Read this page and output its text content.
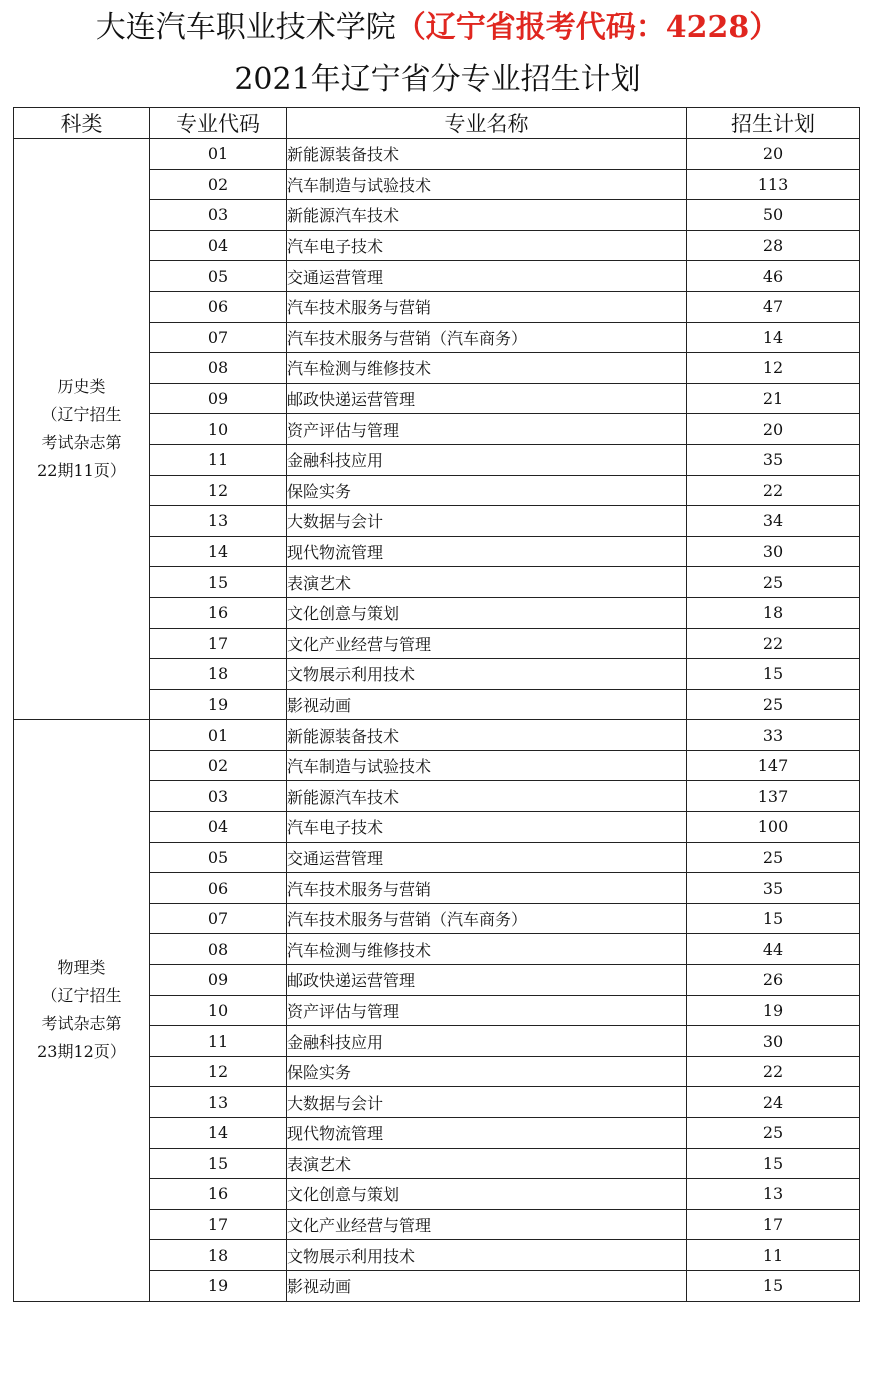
大连汽车职业技术学院（辽宁省报考代码：4228）
2021年辽宁省分专业招生计划
科类	专业代码	专业名称	招生计划

历史类
（辽宁招生
考试杂志第
22期11页）	01	新能源装备技术	20
	02	汽车制造与试验技术	113
	03	新能源汽车技术	50
	04	汽车电子技术	28
	05	交通运营管理	46
	06	汽车技术服务与营销	47
	07	汽车技术服务与营销（汽车商务）	14
	08	汽车检测与维修技术	12
	09	邮政快递运营管理	21
	10	资产评估与管理	20
	11	金融科技应用	35
	12	保险实务	22
	13	大数据与会计	34
	14	现代物流管理	30
	15	表演艺术	25
	16	文化创意与策划	18
	17	文化产业经营与管理	22
	18	文物展示利用技术	15
	19	影视动画	25

物理类
（辽宁招生
考试杂志第
23期12页）	01	新能源装备技术	33
	02	汽车制造与试验技术	147
	03	新能源汽车技术	137
	04	汽车电子技术	100
	05	交通运营管理	25
	06	汽车技术服务与营销	35
	07	汽车技术服务与营销（汽车商务）	15
	08	汽车检测与维修技术	44
	09	邮政快递运营管理	26
	10	资产评估与管理	19
	11	金融科技应用	30
	12	保险实务	22
	13	大数据与会计	24
	14	现代物流管理	25
	15	表演艺术	15
	16	文化创意与策划	13
	17	文化产业经营与管理	17
	18	文物展示利用技术	11
	19	影视动画	15
